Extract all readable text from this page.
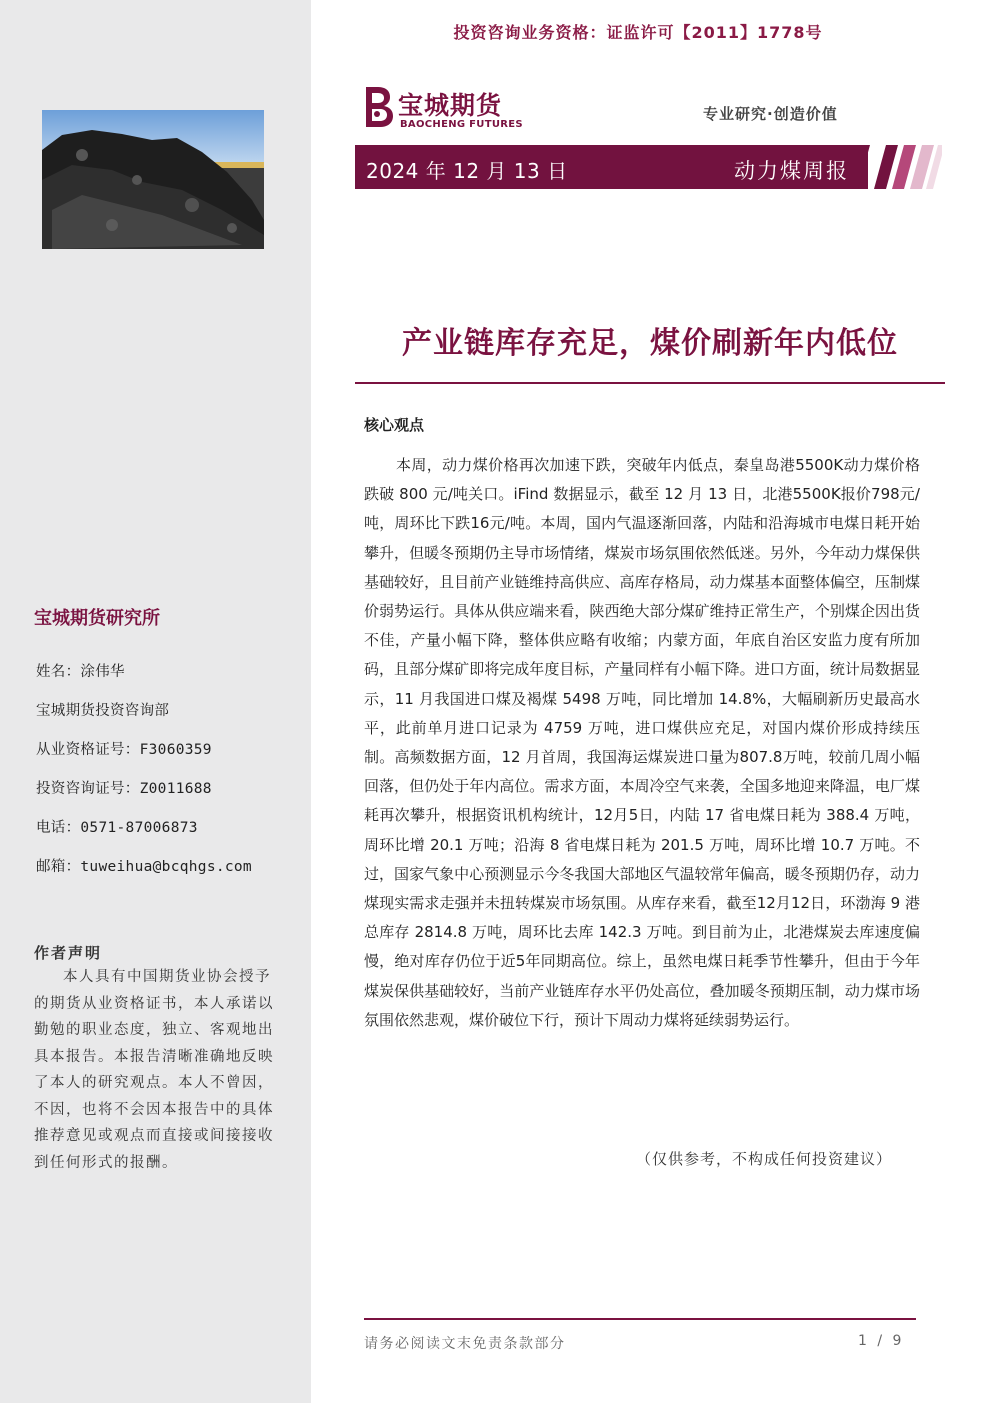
宝城期货研究所
姓名：涂伟华
宝城期货投资咨询部
从业资格证号：F3060359
投资咨询证号：Z0011688
电话：0571-87006873
邮箱：tuweihua@bcqhgs.com
作者声明
本人具有中国期货业协会授予的期货从业资格证书，本人承诺以勤勉的职业态度，独立、客观地出具本报告。本报告清晰准确地反映了本人的研究观点。本人不曾因，不因，也将不会因本报告中的具体推荐意见或观点而直接或间接接收到任何形式的报酬。
投资咨询业务资格：证监许可【2011】1778号
宝城期货
BAOCHENG FUTURES
专业研究·创造价值
2024 年 12 月 13 日	动力煤周报
产业链库存充足，煤价刷新年内低位
核心观点
本周，动力煤价格再次加速下跌，突破年内低点，秦皇岛港5500K动力煤价格跌破 800 元/吨关口。iFind 数据显示，截至 12 月 13 日，北港5500K报价798元/吨，周环比下跌16元/吨。本周，国内气温逐渐回落，内陆和沿海城市电煤日耗开始攀升，但暖冬预期仍主导市场情绪，煤炭市场氛围依然低迷。另外，今年动力煤保供基础较好，且目前产业链维持高供应、高库存格局，动力煤基本面整体偏空，压制煤价弱势运行。具体从供应端来看，陕西绝大部分煤矿维持正常生产，个别煤企因出货不佳，产量小幅下降，整体供应略有收缩；内蒙方面，年底自治区安监力度有所加码，且部分煤矿即将完成年度目标，产量同样有小幅下降。进口方面，统计局数据显示，11 月我国进口煤及褐煤 5498 万吨，同比增加 14.8%，大幅刷新历史最高水平，此前单月进口记录为 4759 万吨，进口煤供应充足，对国内煤价形成持续压制。高频数据方面，12 月首周，我国海运煤炭进口量为807.8万吨，较前几周小幅回落，但仍处于年内高位。需求方面，本周冷空气来袭，全国多地迎来降温，电厂煤耗再次攀升，根据资讯机构统计，12月5日，内陆 17 省电煤日耗为 388.4 万吨，周环比增 20.1 万吨；沿海 8 省电煤日耗为 201.5 万吨，周环比增 10.7 万吨。不过，国家气象中心预测显示今冬我国大部地区气温较常年偏高，暖冬预期仍存，动力煤现实需求走强并未扭转煤炭市场氛围。从库存来看，截至12月12日，环渤海 9 港总库存 2814.8 万吨，周环比去库 142.3 万吨。到目前为止，北港煤炭去库速度偏慢，绝对库存仍位于近5年同期高位。综上，虽然电煤日耗季节性攀升，但由于今年煤炭保供基础较好，当前产业链库存水平仍处高位，叠加暖冬预期压制，动力煤市场氛围依然悲观，煤价破位下行，预计下周动力煤将延续弱势运行。
（仅供参考，不构成任何投资建议）
请务必阅读文末免责条款部分	1 / 9
